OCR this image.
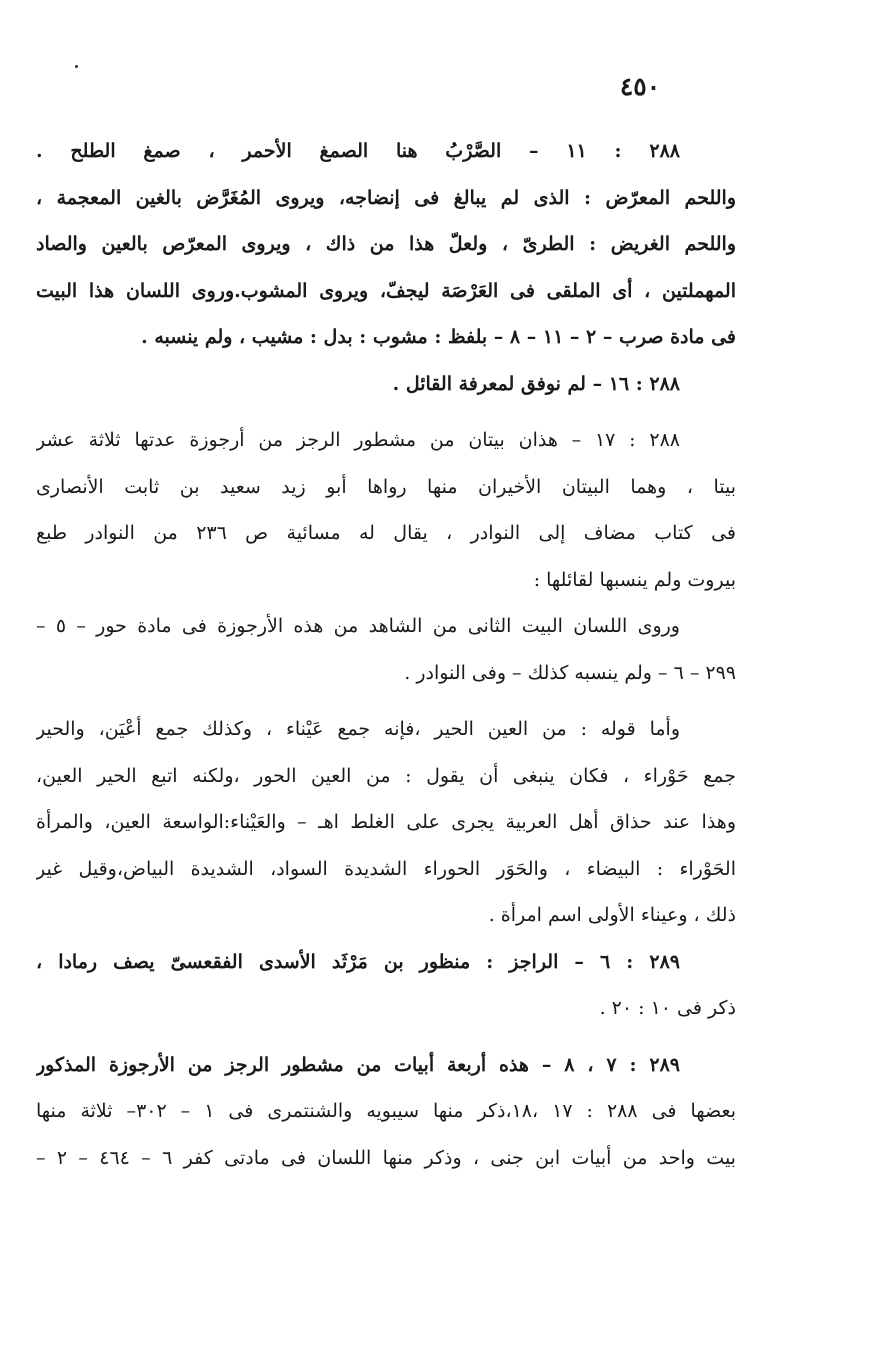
٤٥٠

٢٨٨ : ١١ – الصَّرْبُ هنا الصمغ الأحمر ، صمغ الطلح .
واللحم المعرّض : الذى لم يبالغ فى إنضاجه، ويروى المُغَرَّض بالغين المعجمة ،
واللحم الغريض : الطرىّ ، ولعلّ هذا من ذاك ، ويروى المعرّص بالعين والصاد
المهملتين ، أى الملقى فى العَرْصَة ليجفّ، ويروى المشوب.وروى اللسان هذا البيت
فى مادة صرب – ٢ – ١١ – ٨ – بلفظ : مشوب : بدل : مشيب ، ولم ينسبه .

٢٨٨ : ١٦ – لم نوفق لمعرفة القائل .

٢٨٨ : ١٧ – هذان بيتان من مشطور الرجز من أرجوزة عدتها ثلاثة عشر
بيتا ، وهما البيتان الأخيران منها رواها أبو زيد سعيد بن ثابت الأنصارى
فى كتاب مضاف إلى النوادر ، يقال له مسائية ص ٢٣٦ من النوادر طبع
بيروت ولم ينسبها لقائلها :

وروى اللسان البيت الثانى من الشاهد من هذه الأرجوزة فى مادة حور – ٥ –
٢٩٩ – ٦ – ولم ينسبه كذلك – وفى النوادر .

وأما قوله : من العين الحير ،فإنه جمع عَيْناء ، وكذلك جمع أعْيَن، والحير
جمع حَوْراء ، فكان ينبغى أن يقول : من العين الحور ،ولكنه اتبع الحير العين،
وهذا عند حذاق أهل العربية يجرى على الغلط اهـ – والعَيْناء:الواسعة العين، والمرأة
الحَوْراء : البيضاء ، والحَوَر الحوراء الشديدة السواد، الشديدة البياض،وقيل غير
ذلك ، وعيناء الأولى اسم امرأة .

٢٨٩ : ٦ – الراجز : منظور بن مَرْثَد الأسدى الفقعسىّ يصف رمادا ،
ذكر فى ١٠ : ٢٠ .

٢٨٩ : ٧ ، ٨ – هذه أربعة أبيات من مشطور الرجز من الأرجوزة المذكور
بعضها فى ٢٨٨ : ١٧ ،١٨،ذكر منها سيبويه والشنتمرى فى ١ – ٣٠٢– ثلاثة منها
بيت واحد من أبيات ابن جنى ، وذكر منها اللسان فى مادتى كفر ٦ – ٤٦٤ – ٢ –
